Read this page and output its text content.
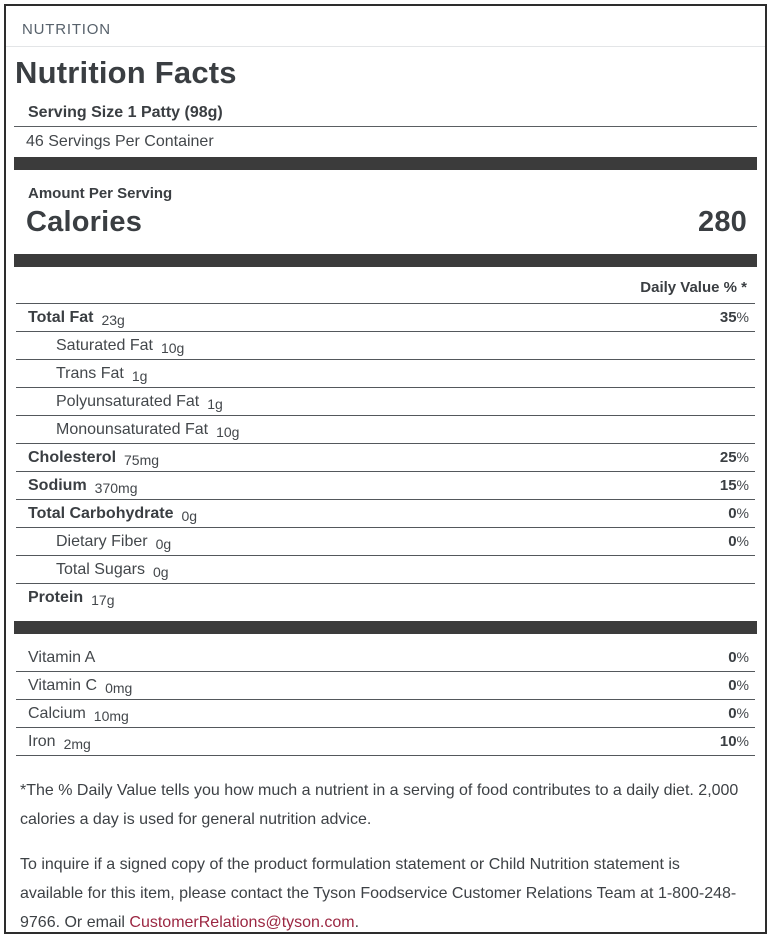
NUTRITION
Nutrition Facts
Serving Size 1 Patty (98g)
46 Servings Per Container
Amount Per Serving
Calories	280
Daily Value % *
Total Fat 23g	35%
Saturated Fat 10g
Trans Fat 1g
Polyunsaturated Fat 1g
Monounsaturated Fat 10g
Cholesterol 75mg	25%
Sodium 370mg	15%
Total Carbohydrate 0g	0%
Dietary Fiber 0g	0%
Total Sugars 0g
Protein 17g
Vitamin A	0%
Vitamin C 0mg	0%
Calcium 10mg	0%
Iron 2mg	10%

*The % Daily Value tells you how much a nutrient in a serving of food contributes to a daily diet. 2,000 calories a day is used for general nutrition advice.

To inquire if a signed copy of the product formulation statement or Child Nutrition statement is available for this item, please contact the Tyson Foodservice Customer Relations Team at 1-800-248-9766. Or email CustomerRelations@tyson.com.
